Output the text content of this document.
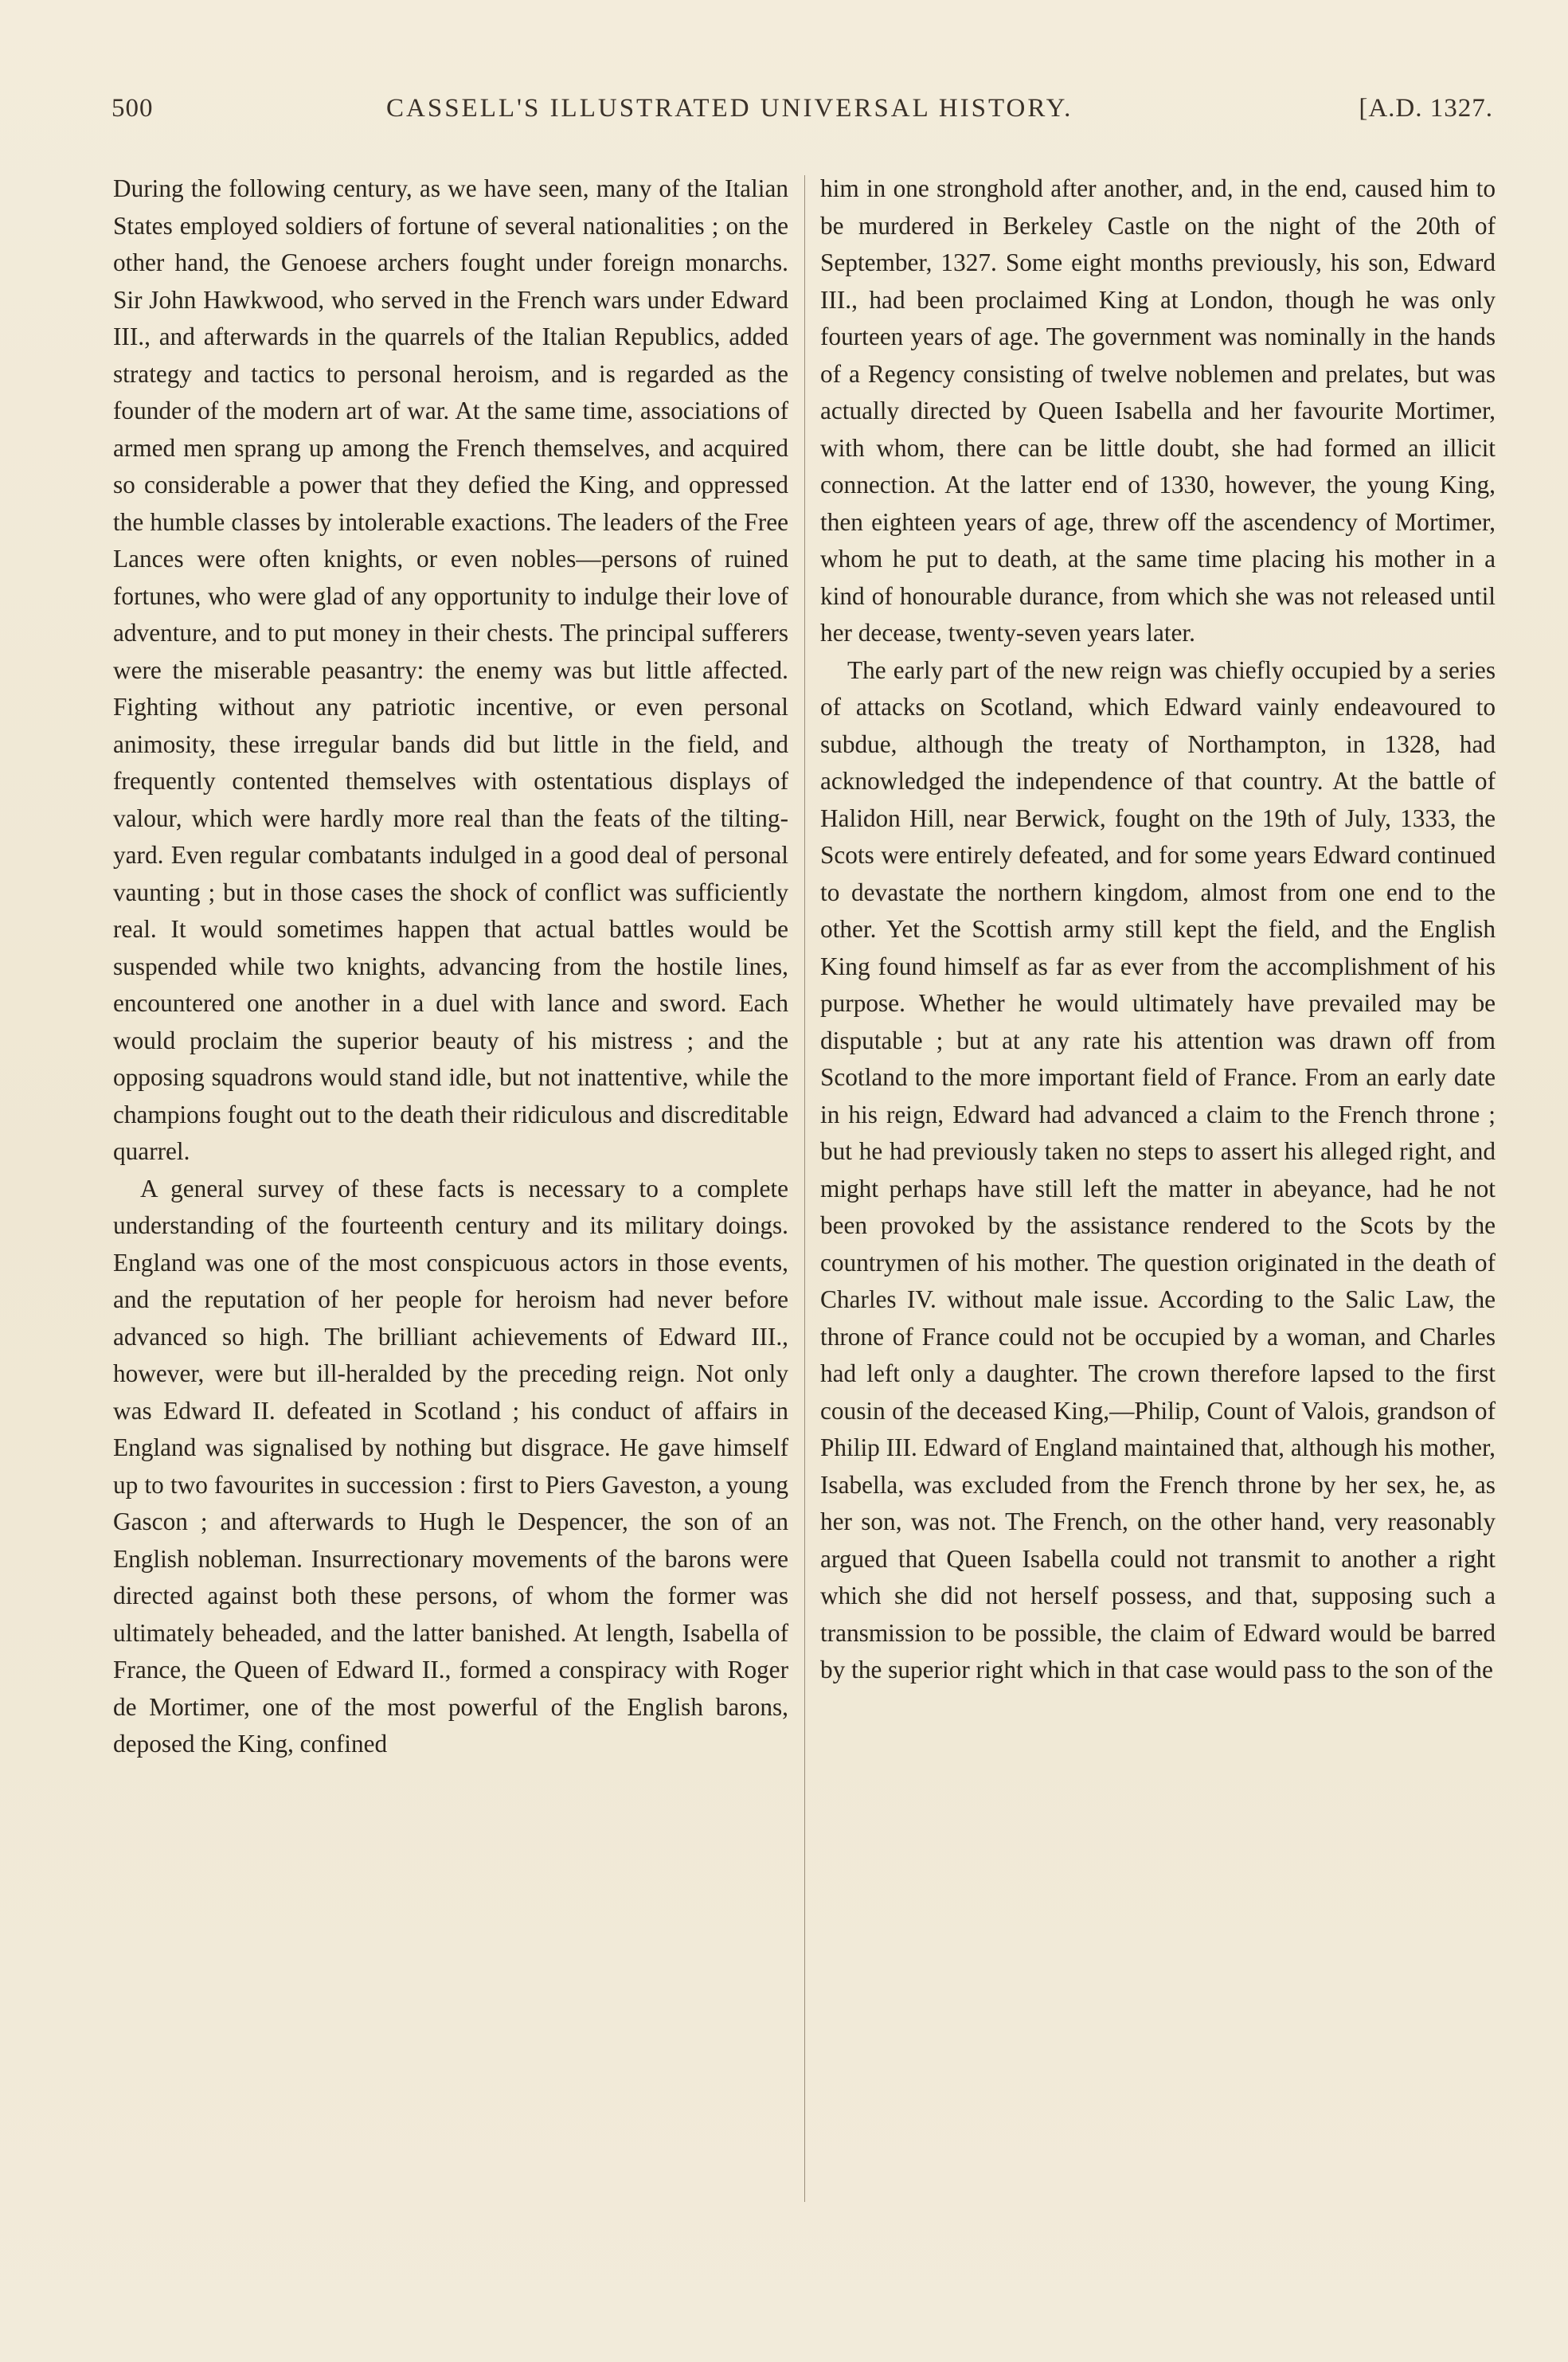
500	CASSELL'S ILLUSTRATED UNIVERSAL HISTORY.	[A.D. 1327.

During the following century, as we have seen, many of the Italian States employed soldiers of fortune of several nationalities ; on the other hand, the Genoese archers fought under foreign monarchs. Sir John Hawkwood, who served in the French wars under Edward III., and afterwards in the quarrels of the Italian Republics, added strategy and tactics to personal heroism, and is regarded as the founder of the modern art of war. At the same time, associations of armed men sprang up among the French themselves, and acquired so considerable a power that they defied the King, and oppressed the humble classes by intolerable exactions. The leaders of the Free Lances were often knights, or even nobles—persons of ruined fortunes, who were glad of any opportunity to indulge their love of adventure, and to put money in their chests. The principal sufferers were the miserable peasantry: the enemy was but little affected. Fighting without any patriotic incentive, or even personal animosity, these irregular bands did but little in the field, and frequently contented themselves with ostentatious displays of valour, which were hardly more real than the feats of the tilting-yard. Even regular combatants indulged in a good deal of personal vaunting ; but in those cases the shock of conflict was sufficiently real. It would sometimes happen that actual battles would be suspended while two knights, advancing from the hostile lines, encountered one another in a duel with lance and sword. Each would proclaim the superior beauty of his mistress ; and the opposing squadrons would stand idle, but not inattentive, while the champions fought out to the death their ridiculous and discreditable quarrel.

A general survey of these facts is necessary to a complete understanding of the fourteenth century and its military doings. England was one of the most conspicuous actors in those events, and the reputation of her people for heroism had never before advanced so high. The brilliant achievements of Edward III., however, were but ill-heralded by the preceding reign. Not only was Edward II. defeated in Scotland ; his conduct of affairs in England was signalised by nothing but disgrace. He gave himself up to two favourites in succession : first to Piers Gaveston, a young Gascon ; and afterwards to Hugh le Despencer, the son of an English nobleman. Insurrectionary movements of the barons were directed against both these persons, of whom the former was ultimately beheaded, and the latter banished. At length, Isabella of France, the Queen of Edward II., formed a conspiracy with Roger de Mortimer, one of the most powerful of the English barons, deposed the King, confined

him in one stronghold after another, and, in the end, caused him to be murdered in Berkeley Castle on the night of the 20th of September, 1327. Some eight months previously, his son, Edward III., had been proclaimed King at London, though he was only fourteen years of age. The government was nominally in the hands of a Regency consisting of twelve noblemen and prelates, but was actually directed by Queen Isabella and her favourite Mortimer, with whom, there can be little doubt, she had formed an illicit connection. At the latter end of 1330, however, the young King, then eighteen years of age, threw off the ascendency of Mortimer, whom he put to death, at the same time placing his mother in a kind of honourable durance, from which she was not released until her decease, twenty-seven years later.

The early part of the new reign was chiefly occupied by a series of attacks on Scotland, which Edward vainly endeavoured to subdue, although the treaty of Northampton, in 1328, had acknowledged the independence of that country. At the battle of Halidon Hill, near Berwick, fought on the 19th of July, 1333, the Scots were entirely defeated, and for some years Edward continued to devastate the northern kingdom, almost from one end to the other. Yet the Scottish army still kept the field, and the English King found himself as far as ever from the accomplishment of his purpose. Whether he would ultimately have prevailed may be disputable ; but at any rate his attention was drawn off from Scotland to the more important field of France. From an early date in his reign, Edward had advanced a claim to the French throne ; but he had previously taken no steps to assert his alleged right, and might perhaps have still left the matter in abeyance, had he not been provoked by the assistance rendered to the Scots by the countrymen of his mother. The question originated in the death of Charles IV. without male issue. According to the Salic Law, the throne of France could not be occupied by a woman, and Charles had left only a daughter. The crown therefore lapsed to the first cousin of the deceased King,—Philip, Count of Valois, grandson of Philip III. Edward of England maintained that, although his mother, Isabella, was excluded from the French throne by her sex, he, as her son, was not. The French, on the other hand, very reasonably argued that Queen Isabella could not transmit to another a right which she did not herself possess, and that, supposing such a transmission to be possible, the claim of Edward would be barred by the superior right which in that case would pass to the son of the
